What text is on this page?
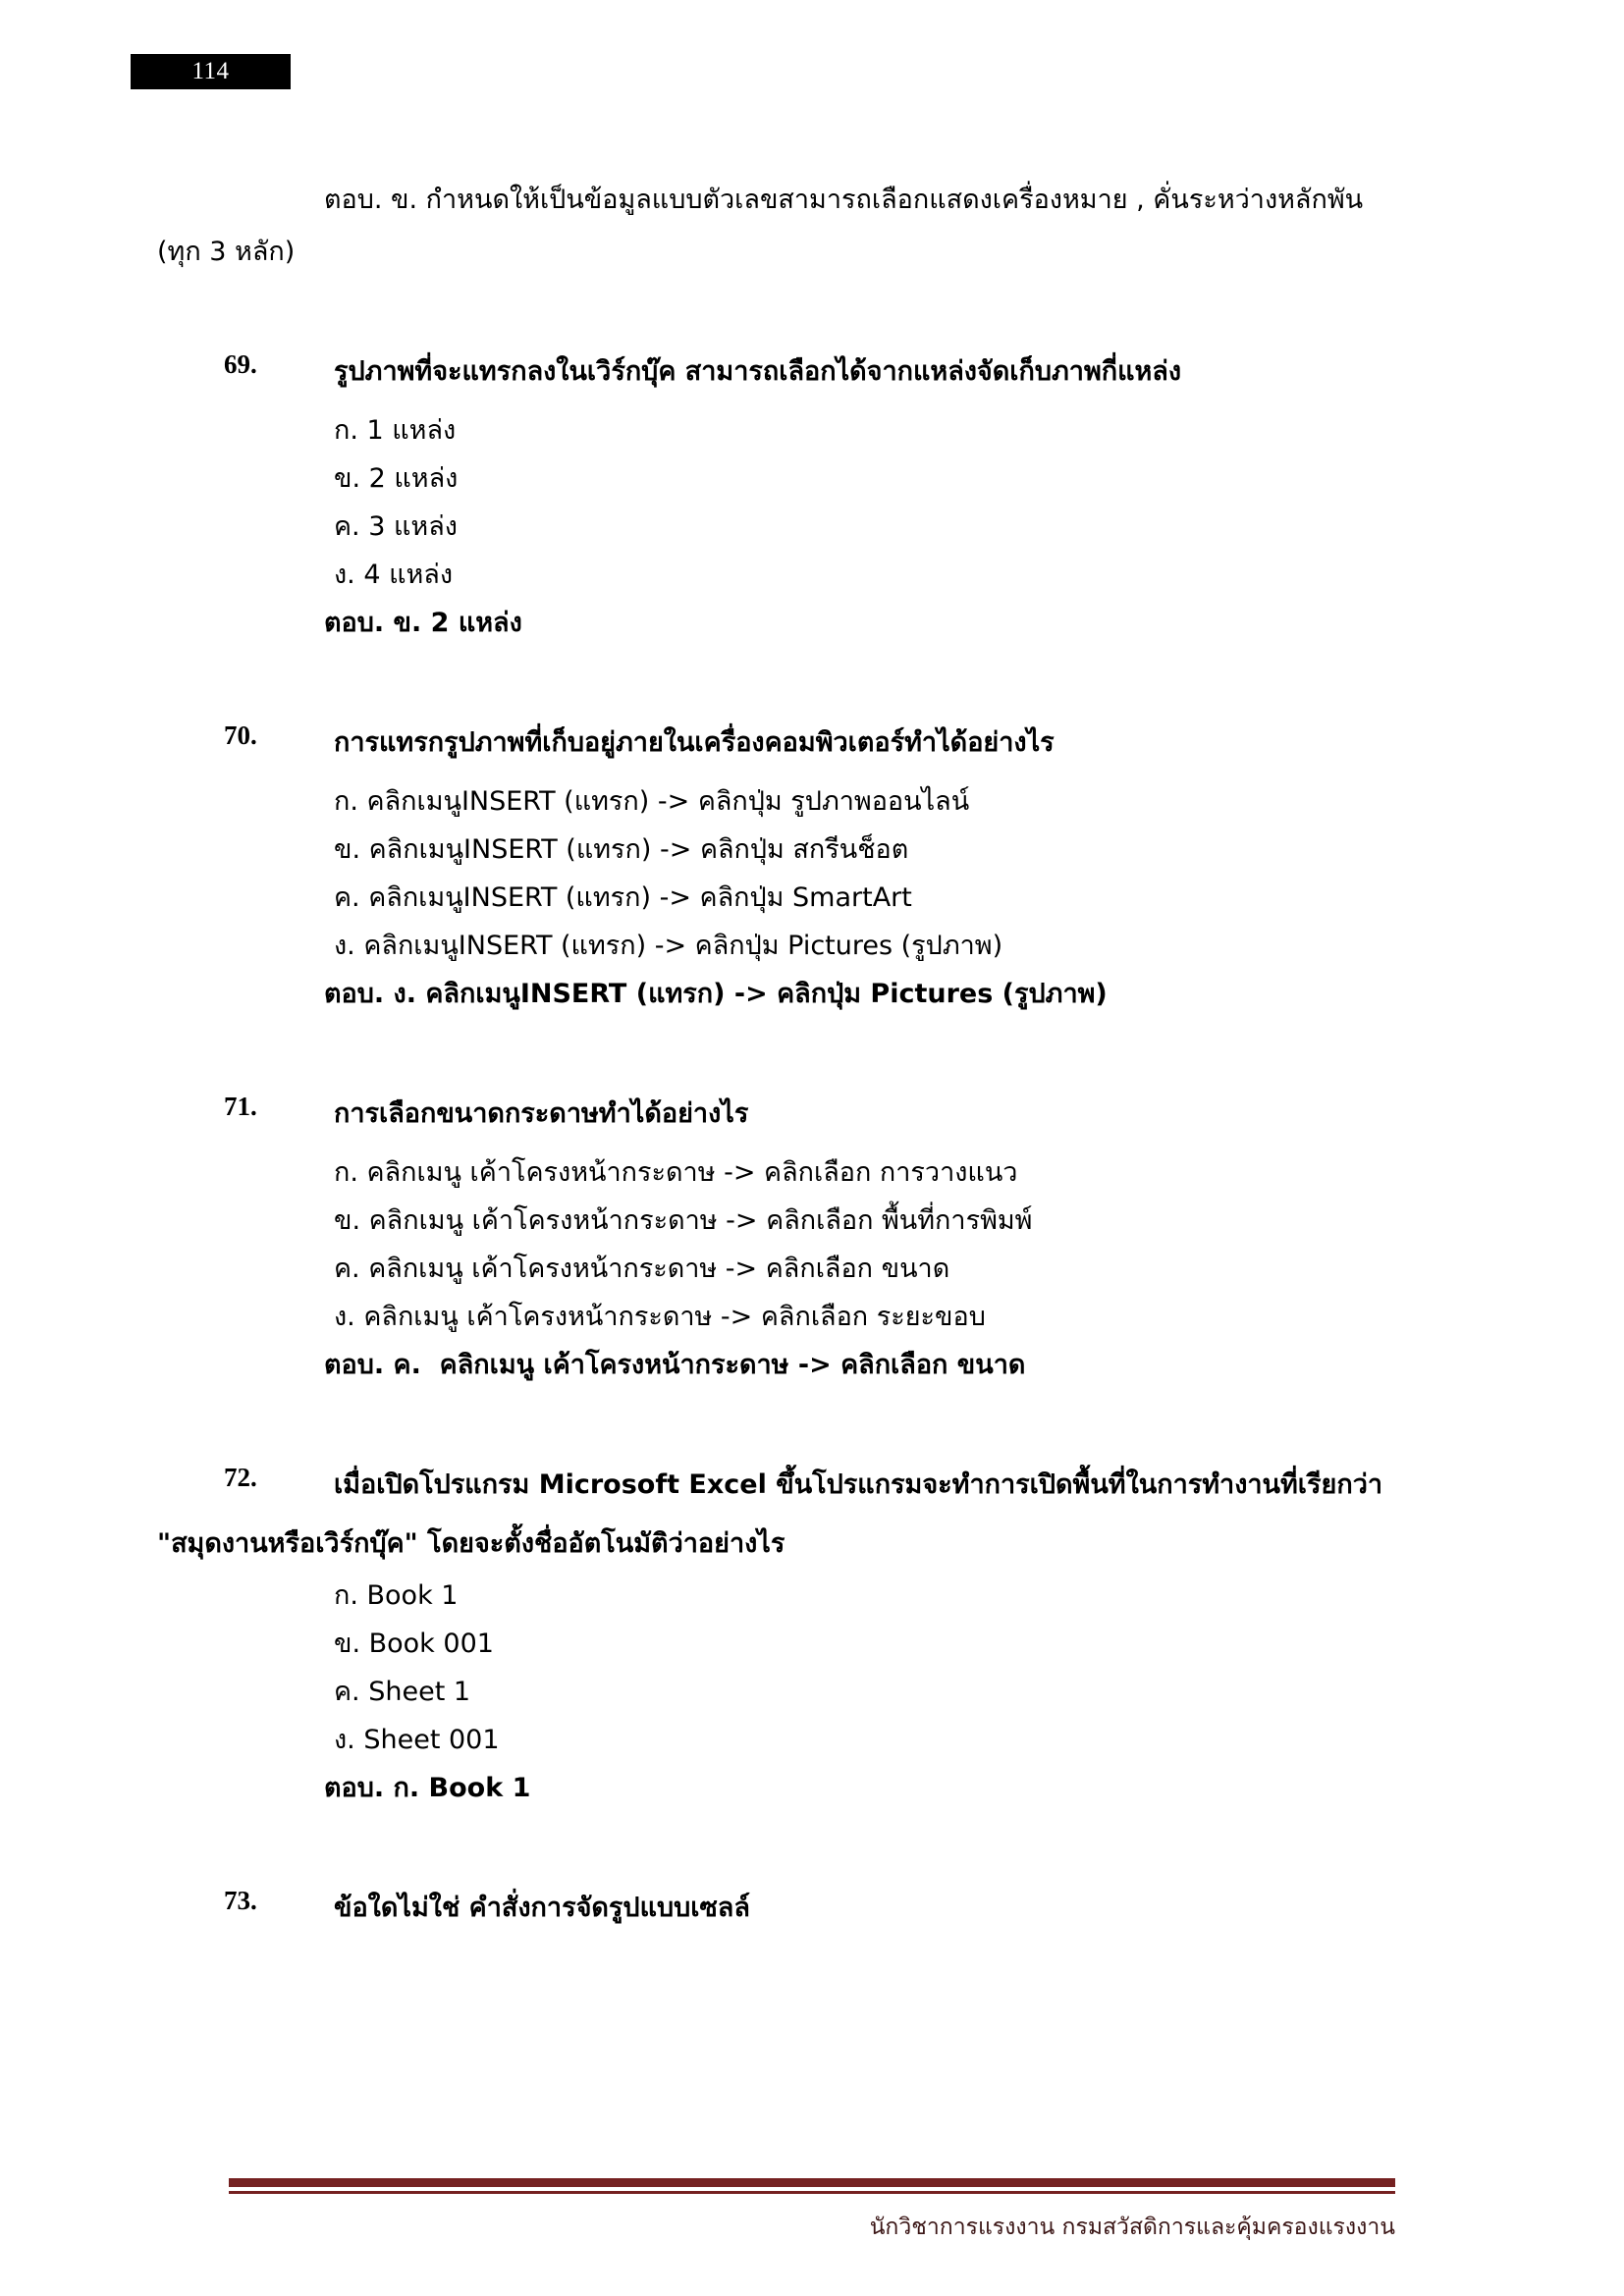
114
ตอบ. ข. กำหนดให้เป็นข้อมูลแบบตัวเลขสามารถเลือกแสดงเครื่องหมาย , คั่นระหว่างหลักพัน
(ทุก 3 หลัก)
69.	รูปภาพที่จะแทรกลงในเวิร์กบุ๊ค สามารถเลือกได้จากแหล่งจัดเก็บภาพกี่แหล่ง
ก. 1 แหล่ง
ข. 2 แหล่ง
ค. 3 แหล่ง
ง. 4 แหล่ง
ตอบ. ข. 2 แหล่ง
70.	การแทรกรูปภาพที่เก็บอยู่ภายในเครื่องคอมพิวเตอร์ทำได้อย่างไร
ก. คลิกเมนูINSERT (แทรก) -> คลิกปุ่ม รูปภาพออนไลน์
ข. คลิกเมนูINSERT (แทรก) -> คลิกปุ่ม สกรีนช็อต
ค. คลิกเมนูINSERT (แทรก) -> คลิกปุ่ม SmartArt
ง. คลิกเมนูINSERT (แทรก) -> คลิกปุ่ม Pictures (รูปภาพ)
ตอบ. ง. คลิกเมนูINSERT (แทรก) -> คลิกปุ่ม Pictures (รูปภาพ)
71.	การเลือกขนาดกระดาษทำได้อย่างไร
ก. คลิกเมนู เค้าโครงหน้ากระดาษ -> คลิกเลือก การวางแนว
ข. คลิกเมนู เค้าโครงหน้ากระดาษ -> คลิกเลือก พื้นที่การพิมพ์
ค. คลิกเมนู เค้าโครงหน้ากระดาษ -> คลิกเลือก ขนาด
ง. คลิกเมนู เค้าโครงหน้ากระดาษ -> คลิกเลือก ระยะขอบ
ตอบ. ค.  คลิกเมนู เค้าโครงหน้ากระดาษ -> คลิกเลือก ขนาด
72.	เมื่อเปิดโปรแกรม Microsoft Excel ขึ้นโปรแกรมจะทำการเปิดพื้นที่ในการทำงานที่เรียกว่า
"สมุดงานหรือเวิร์กบุ๊ค" โดยจะตั้งชื่ออัตโนมัติว่าอย่างไร
ก. Book 1
ข. Book 001
ค. Sheet 1
ง. Sheet 001
ตอบ. ก. Book 1
73.	ข้อใดไม่ใช่ คำสั่งการจัดรูปแบบเซลล์
นักวิชาการแรงงาน กรมสวัสดิการและคุ้มครองแรงงาน
